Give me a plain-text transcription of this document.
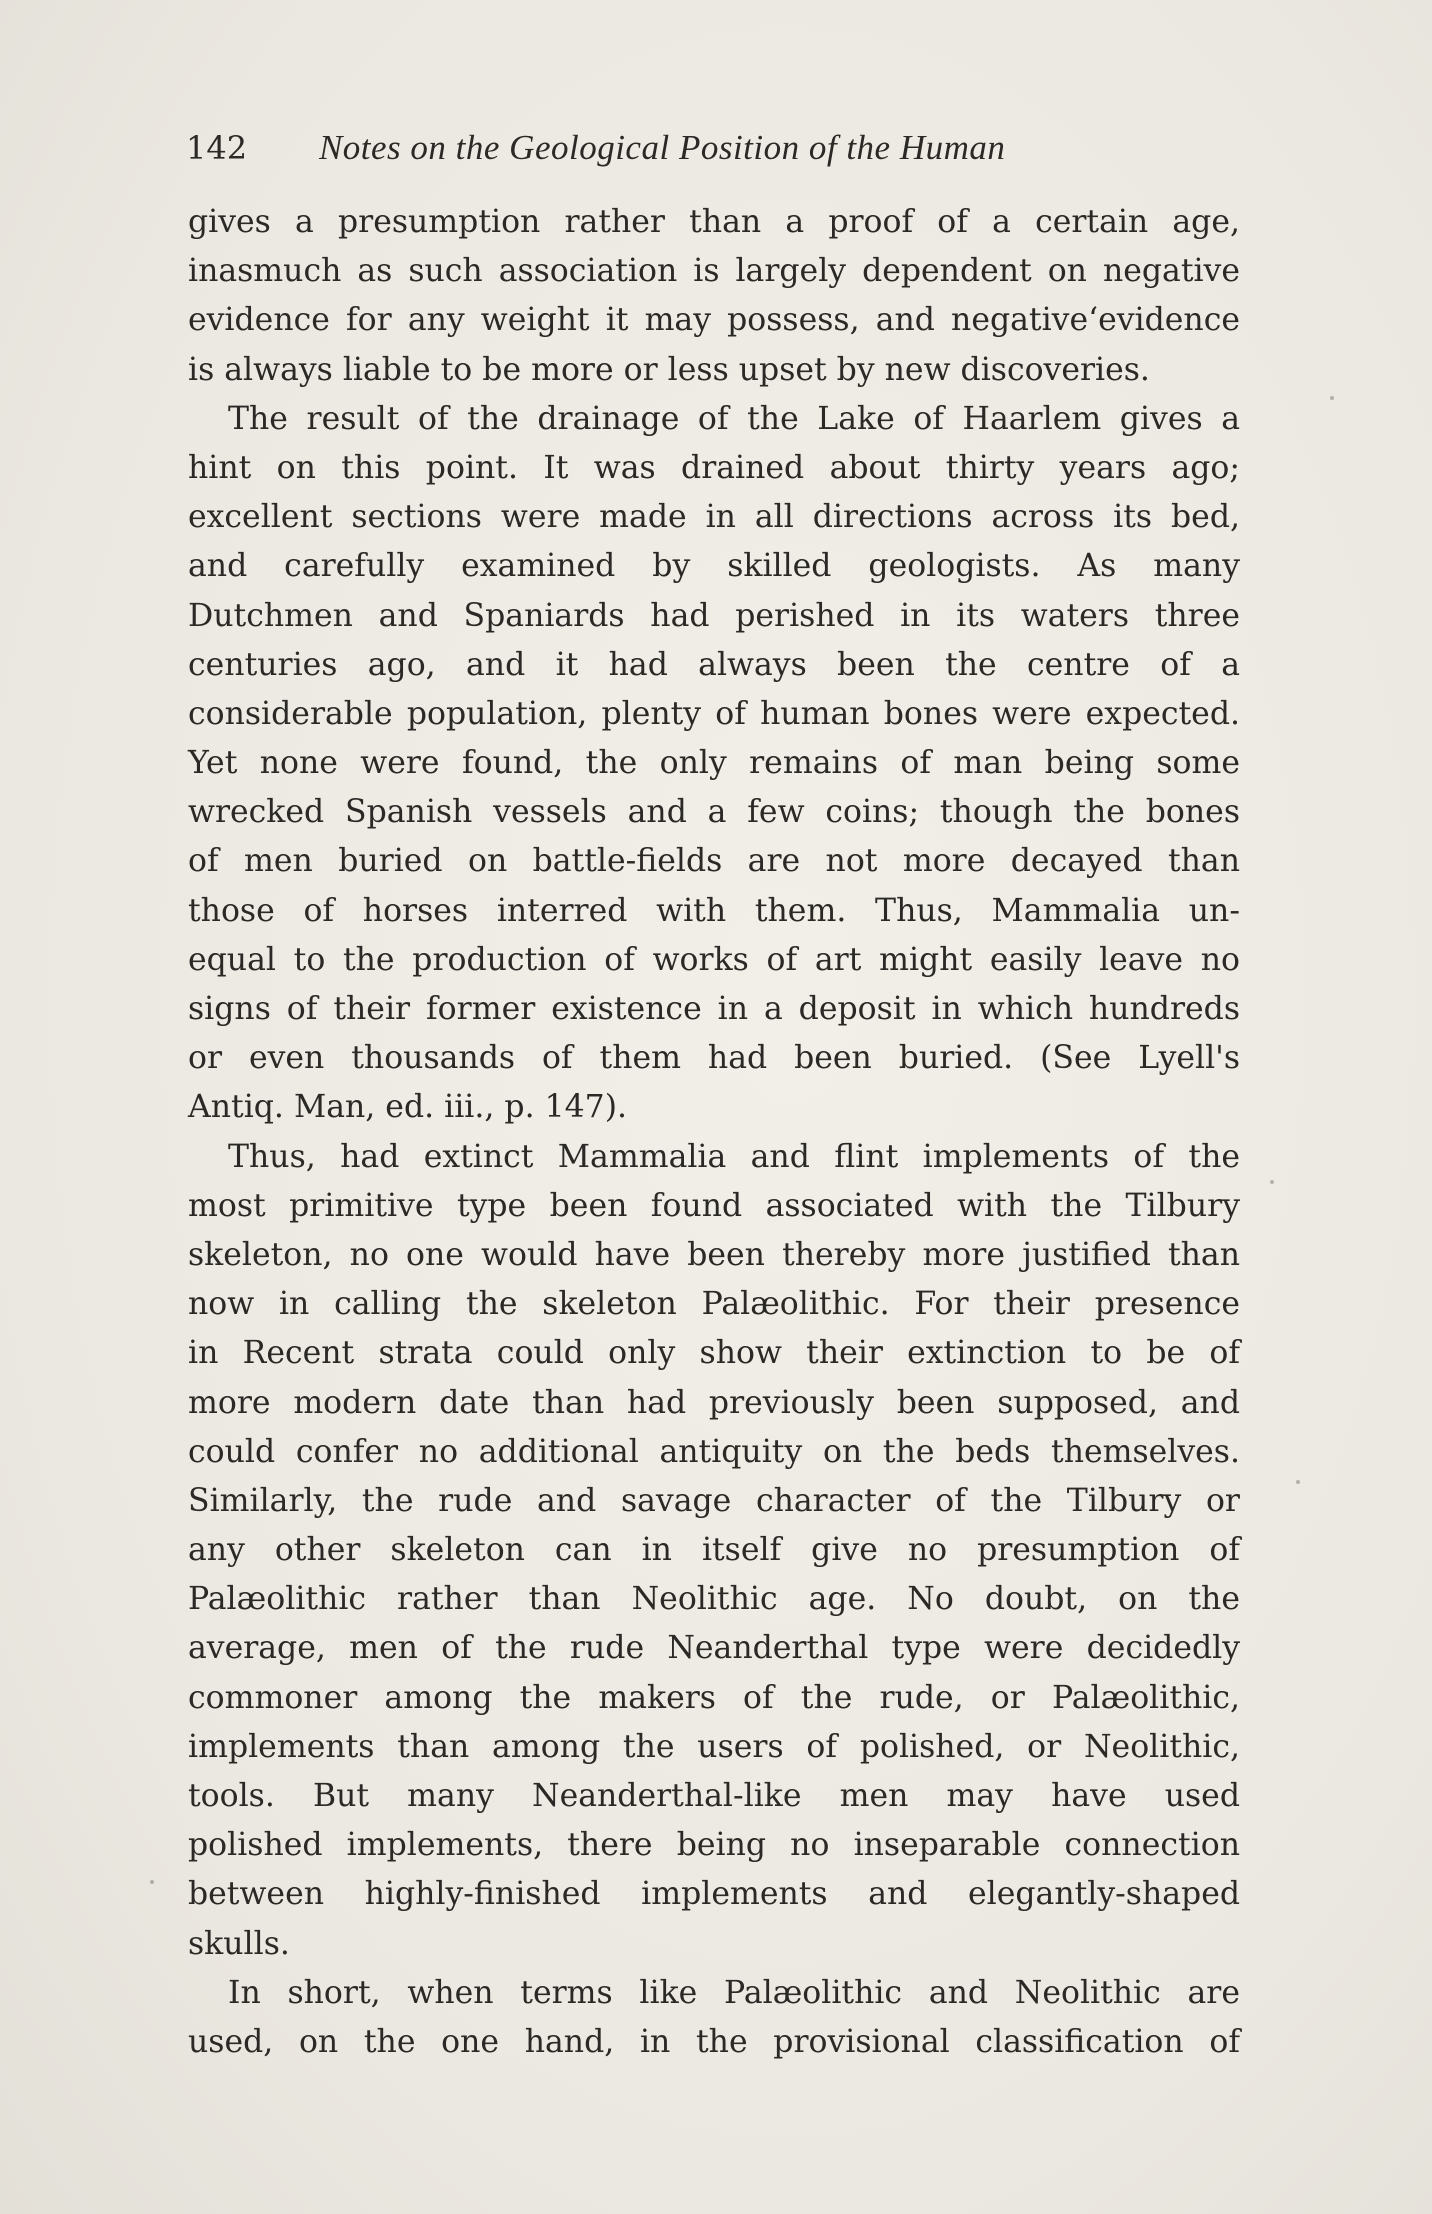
142 Notes on the Geological Position of the Human
gives a presumption rather than a proof of a certain age,
inasmuch as such association is largely dependent on negative
evidence for any weight it may possess, and negativeʻevidence
is always liable to be more or less upset by new discoveries.
The result of the drainage of the Lake of Haarlem gives a
hint on this point. It was drained about thirty years ago;
excellent sections were made in all directions across its bed,
and carefully examined by skilled geologists. As many
Dutchmen and Spaniards had perished in its waters three
centuries ago, and it had always been the centre of a
considerable population, plenty of human bones were expected.
Yet none were found, the only remains of man being some
wrecked Spanish vessels and a few coins; though the bones
of men buried on battle-fields are not more decayed than
those of horses interred with them. Thus, Mammalia un-
equal to the production of works of art might easily leave no
signs of their former existence in a deposit in which hundreds
or even thousands of them had been buried. (See Lyell's
Antiq. Man, ed. iii., p. 147).
Thus, had extinct Mammalia and flint implements of the
most primitive type been found associated with the Tilbury
skeleton, no one would have been thereby more justified than
now in calling the skeleton Palæolithic. For their presence
in Recent strata could only show their extinction to be of
more modern date than had previously been supposed, and
could confer no additional antiquity on the beds themselves.
Similarly, the rude and savage character of the Tilbury or
any other skeleton can in itself give no presumption of
Palæolithic rather than Neolithic age. No doubt, on the
average, men of the rude Neanderthal type were decidedly
commoner among the makers of the rude, or Palæolithic,
implements than among the users of polished, or Neolithic,
tools. But many Neanderthal-like men may have used
polished implements, there being no inseparable connection
between highly-finished implements and elegantly-shaped
skulls.
In short, when terms like Palæolithic and Neolithic are
used, on the one hand, in the provisional classification of
